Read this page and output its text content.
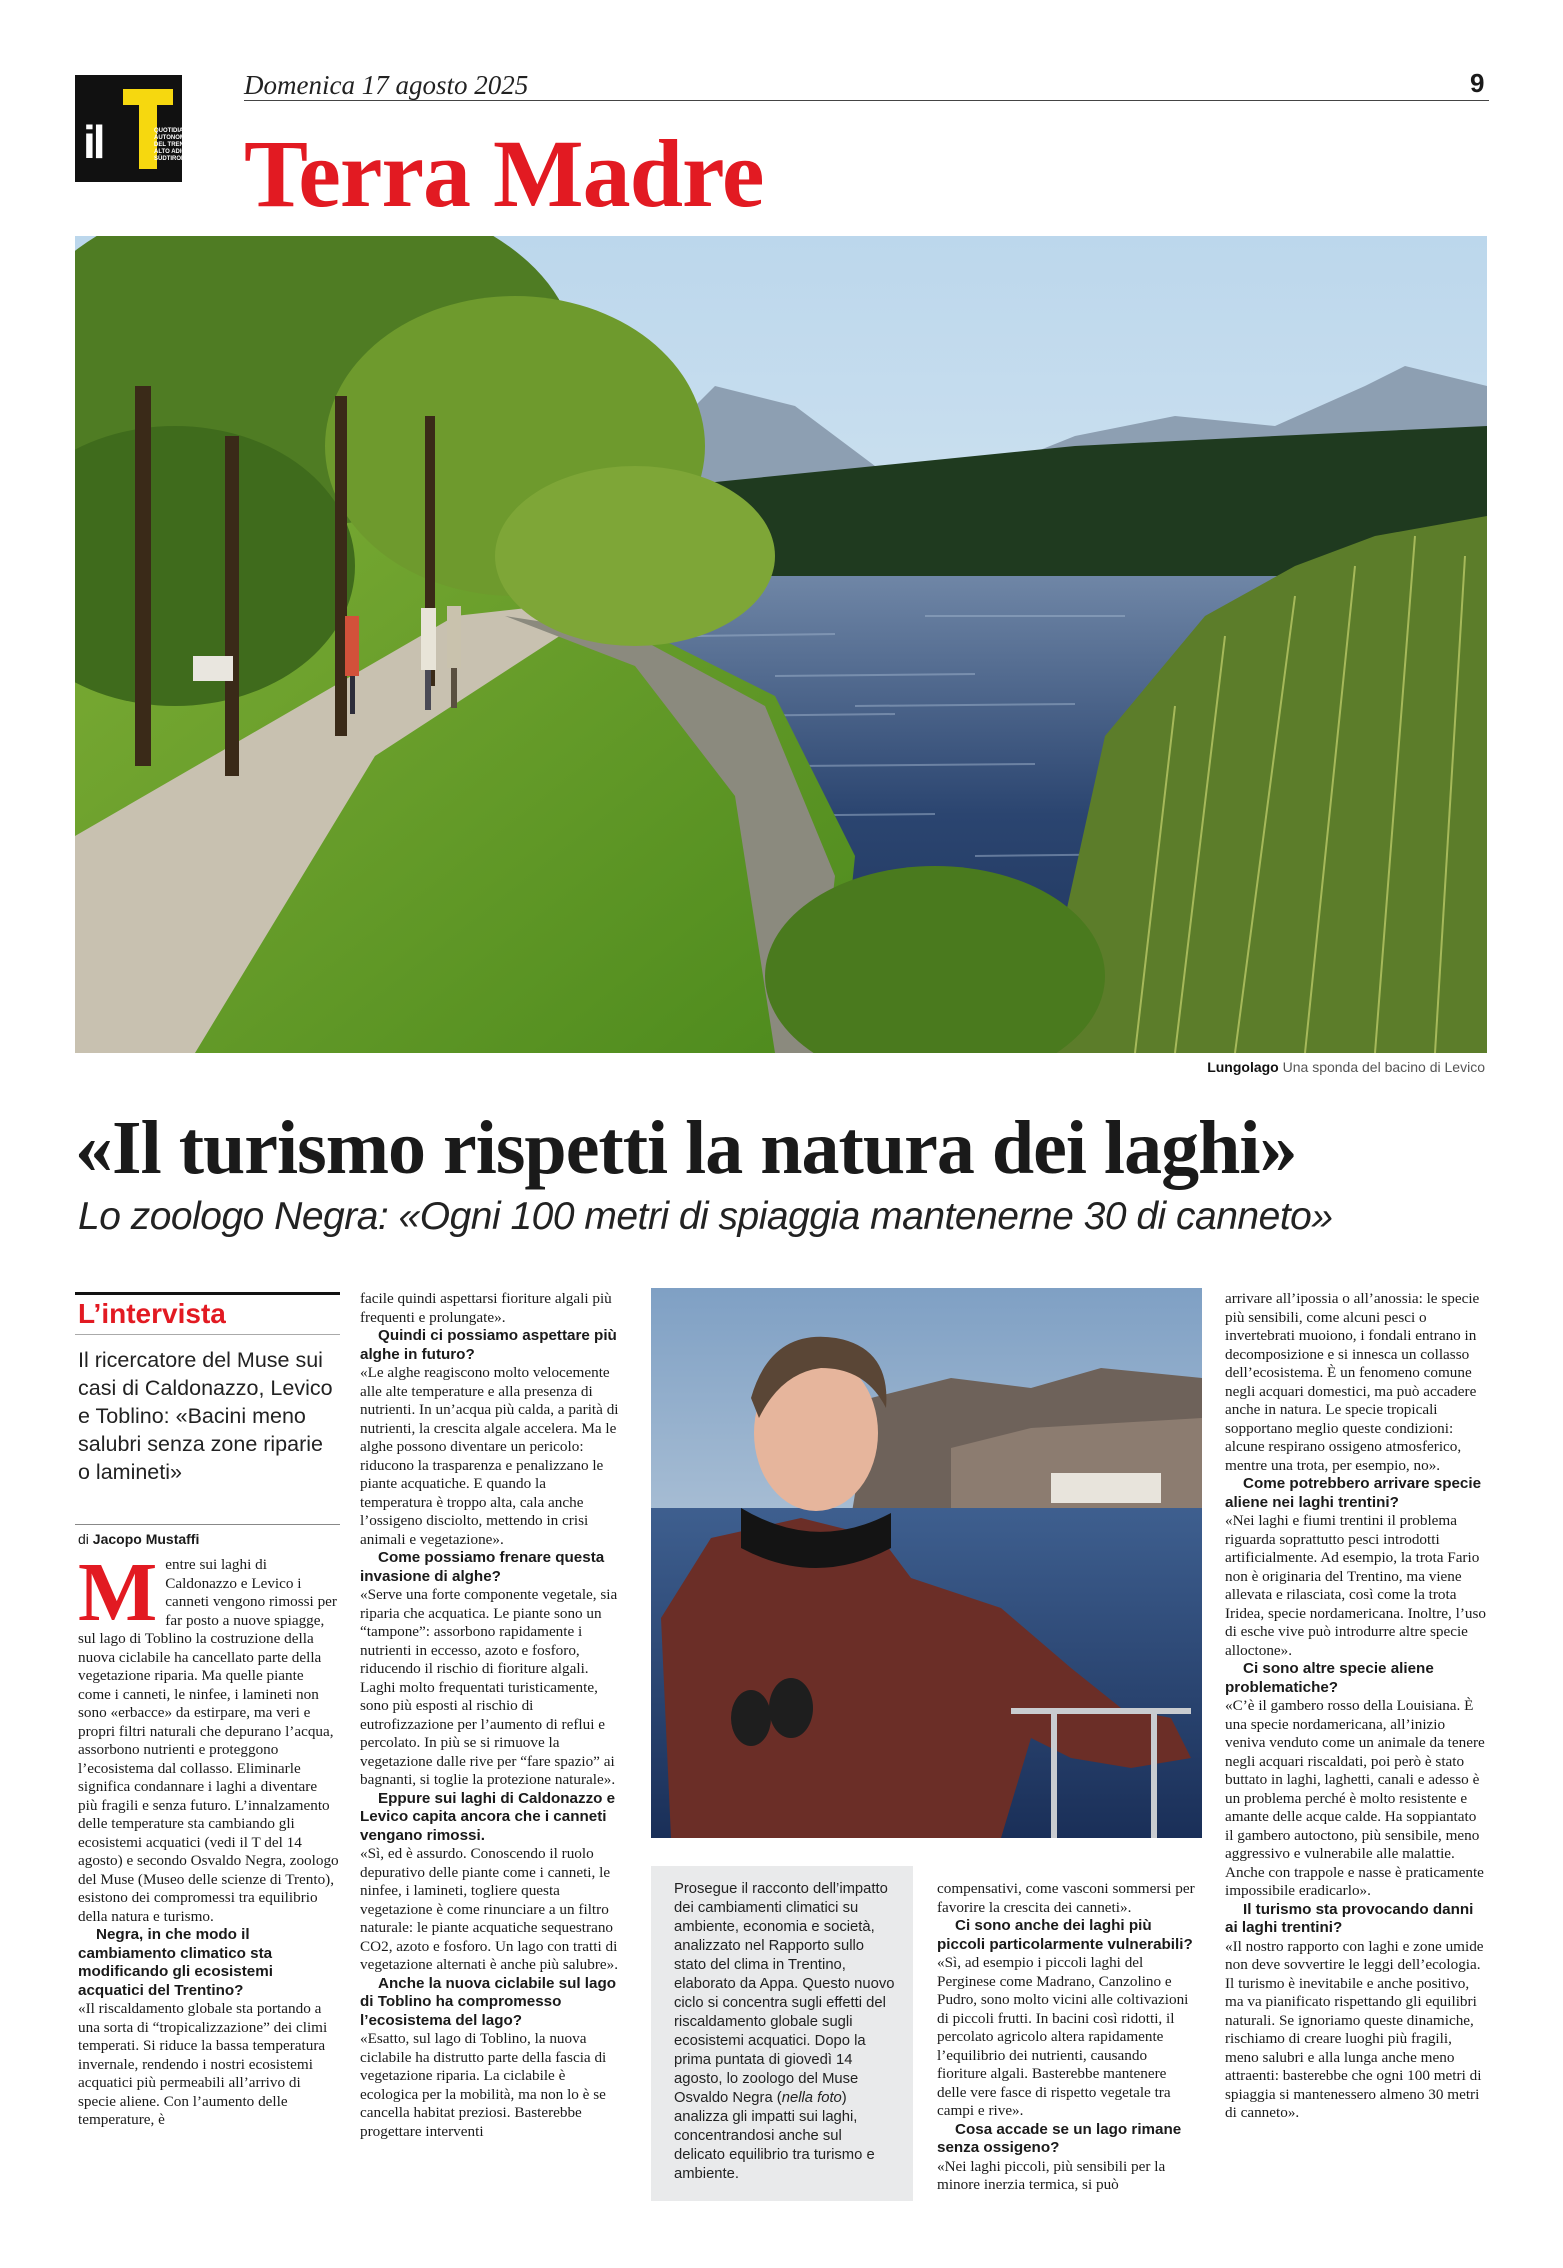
il	QUOTIDIANO AUTONOMO DEL TRENTINO ALTO ADIGE / SÜDTIROL
Domenica 17 agosto 2025	9
Terra Madre
Lungolago Una sponda del bacino di Levico
«Il turismo rispetti la natura dei laghi»
Lo zoologo Negra: «Ogni 100 metri di spiaggia mantenerne 30 di canneto»
L’intervista
Il ricercatore del Muse sui casi di Caldonazzo, Levico e Toblino: «Bacini meno salubri senza zone riparie o lamineti»
di Jacopo Mustaffi

Mentre sui laghi di Caldonazzo e Levico i canneti vengono rimossi per far posto a nuove spiagge, sul lago di Toblino la costruzione della nuova ciclabile ha cancellato parte della vegetazione riparia. Ma quelle piante come i canneti, le ninfee, i lamineti non sono «erbacce» da estirpare, ma veri e propri filtri naturali che depurano l’acqua, assorbono nutrienti e proteggono l’ecosistema dal collasso. Eliminarle significa condannare i laghi a diventare più fragili e senza futuro. L’innalzamento delle temperature sta cambiando gli ecosistemi acquatici (vedi il T del 14 agosto) e secondo Osvaldo Negra, zoologo del Muse (Museo delle scienze di Trento), esistono dei compromessi tra equilibrio della natura e turismo.

Negra, in che modo il cambiamento climatico sta modificando gli ecosistemi acquatici del Trentino?

«Il riscaldamento globale sta portando a una sorta di “tropicalizzazione” dei climi temperati. Si riduce la bassa temperatura invernale, rendendo i nostri ecosistemi acquatici più permeabili all’arrivo di specie aliene. Con l’aumento delle temperature, è

facile quindi aspettarsi fioriture algali più frequenti e prolungate».

Quindi ci possiamo aspettare più alghe in futuro?

«Le alghe reagiscono molto velocemente alle alte temperature e alla presenza di nutrienti. In un’acqua più calda, a parità di nutrienti, la crescita algale accelera. Ma le alghe possono diventare un pericolo: riducono la trasparenza e penalizzano le piante acquatiche. E quando la temperatura è troppo alta, cala anche l’ossigeno disciolto, mettendo in crisi animali e vegetazione».

Come possiamo frenare questa invasione di alghe?

«Serve una forte componente vegetale, sia riparia che acquatica. Le piante sono un “tampone”: assorbono rapidamente i nutrienti in eccesso, azoto e fosforo, riducendo il rischio di fioriture algali. Laghi molto frequentati turisticamente, sono più esposti al rischio di eutrofizzazione per l’aumento di reflui e percolato. In più se si rimuove la vegetazione dalle rive per “fare spazio” ai bagnanti, si toglie la protezione naturale».

Eppure sui laghi di Caldonazzo e Levico capita ancora che i canneti vengano rimossi.

«Sì, ed è assurdo. Conoscendo il ruolo depurativo delle piante come i canneti, le ninfee, i lamineti, togliere questa vegetazione è come rinunciare a un filtro naturale: le piante acquatiche sequestrano CO2, azoto e fosforo. Un lago con tratti di vegetazione alternati è anche più salubre».

Anche la nuova ciclabile sul lago di Toblino ha compromesso l’ecosistema del lago?

«Esatto, sul lago di Toblino, la nuova ciclabile ha distrutto parte della fascia di vegetazione riparia. La ciclabile è ecologica per la mobilità, ma non lo è se cancella habitat preziosi. Basterebbe progettare interventi

Prosegue il racconto dell’impatto dei cambiamenti climatici su ambiente, economia e società, analizzato nel Rapporto sullo stato del clima in Trentino, elaborato da Appa. Questo nuovo ciclo si concentra sugli effetti del riscaldamento globale sugli ecosistemi acquatici. Dopo la prima puntata di giovedì 14 agosto, lo zoologo del Muse Osvaldo Negra (nella foto) analizza gli impatti sui laghi, concentrandosi anche sul delicato equilibrio tra turismo e ambiente.

compensativi, come vasconi sommersi per favorire la crescita dei canneti».

Ci sono anche dei laghi più piccoli particolarmente vulnerabili?

«Sì, ad esempio i piccoli laghi del Perginese come Madrano, Canzolino e Pudro, sono molto vicini alle coltivazioni di piccoli frutti. In bacini così ridotti, il percolato agricolo altera rapidamente l’equilibrio dei nutrienti, causando fioriture algali. Basterebbe mantenere delle vere fasce di rispetto vegetale tra campi e rive».

Cosa accade se un lago rimane senza ossigeno?

«Nei laghi piccoli, più sensibili per la minore inerzia termica, si può

arrivare all’ipossia o all’anossia: le specie più sensibili, come alcuni pesci o invertebrati muoiono, i fondali entrano in decomposizione e si innesca un collasso dell’ecosistema. È un fenomeno comune negli acquari domestici, ma può accadere anche in natura. Le specie tropicali sopportano meglio queste condizioni: alcune respirano ossigeno atmosferico, mentre una trota, per esempio, no».

Come potrebbero arrivare specie aliene nei laghi trentini?

«Nei laghi e fiumi trentini il problema riguarda soprattutto pesci introdotti artificialmente. Ad esempio, la trota Fario non è originaria del Trentino, ma viene allevata e rilasciata, così come la trota Iridea, specie nordamericana. Inoltre, l’uso di esche vive può introdurre altre specie alloctone».

Ci sono altre specie aliene problematiche?

«C’è il gambero rosso della Louisiana. È una specie nordamericana, all’inizio veniva venduto come un animale da tenere negli acquari riscaldati, poi però è stato buttato in laghi, laghetti, canali e adesso è un problema perché è molto resistente e amante delle acque calde. Ha soppiantato il gambero autoctono, più sensibile, meno aggressivo e vulnerabile alle malattie. Anche con trappole e nasse è praticamente impossibile eradicarlo».

Il turismo sta provocando danni ai laghi trentini?

«Il nostro rapporto con laghi e zone umide non deve sovvertire le leggi dell’ecologia. Il turismo è inevitabile e anche positivo, ma va pianificato rispettando gli equilibri naturali. Se ignoriamo queste dinamiche, rischiamo di creare luoghi più fragili, meno salubri e alla lunga anche meno attraenti: basterebbe che ogni 100 metri di spiaggia si mantenessero almeno 30 metri di canneto».
